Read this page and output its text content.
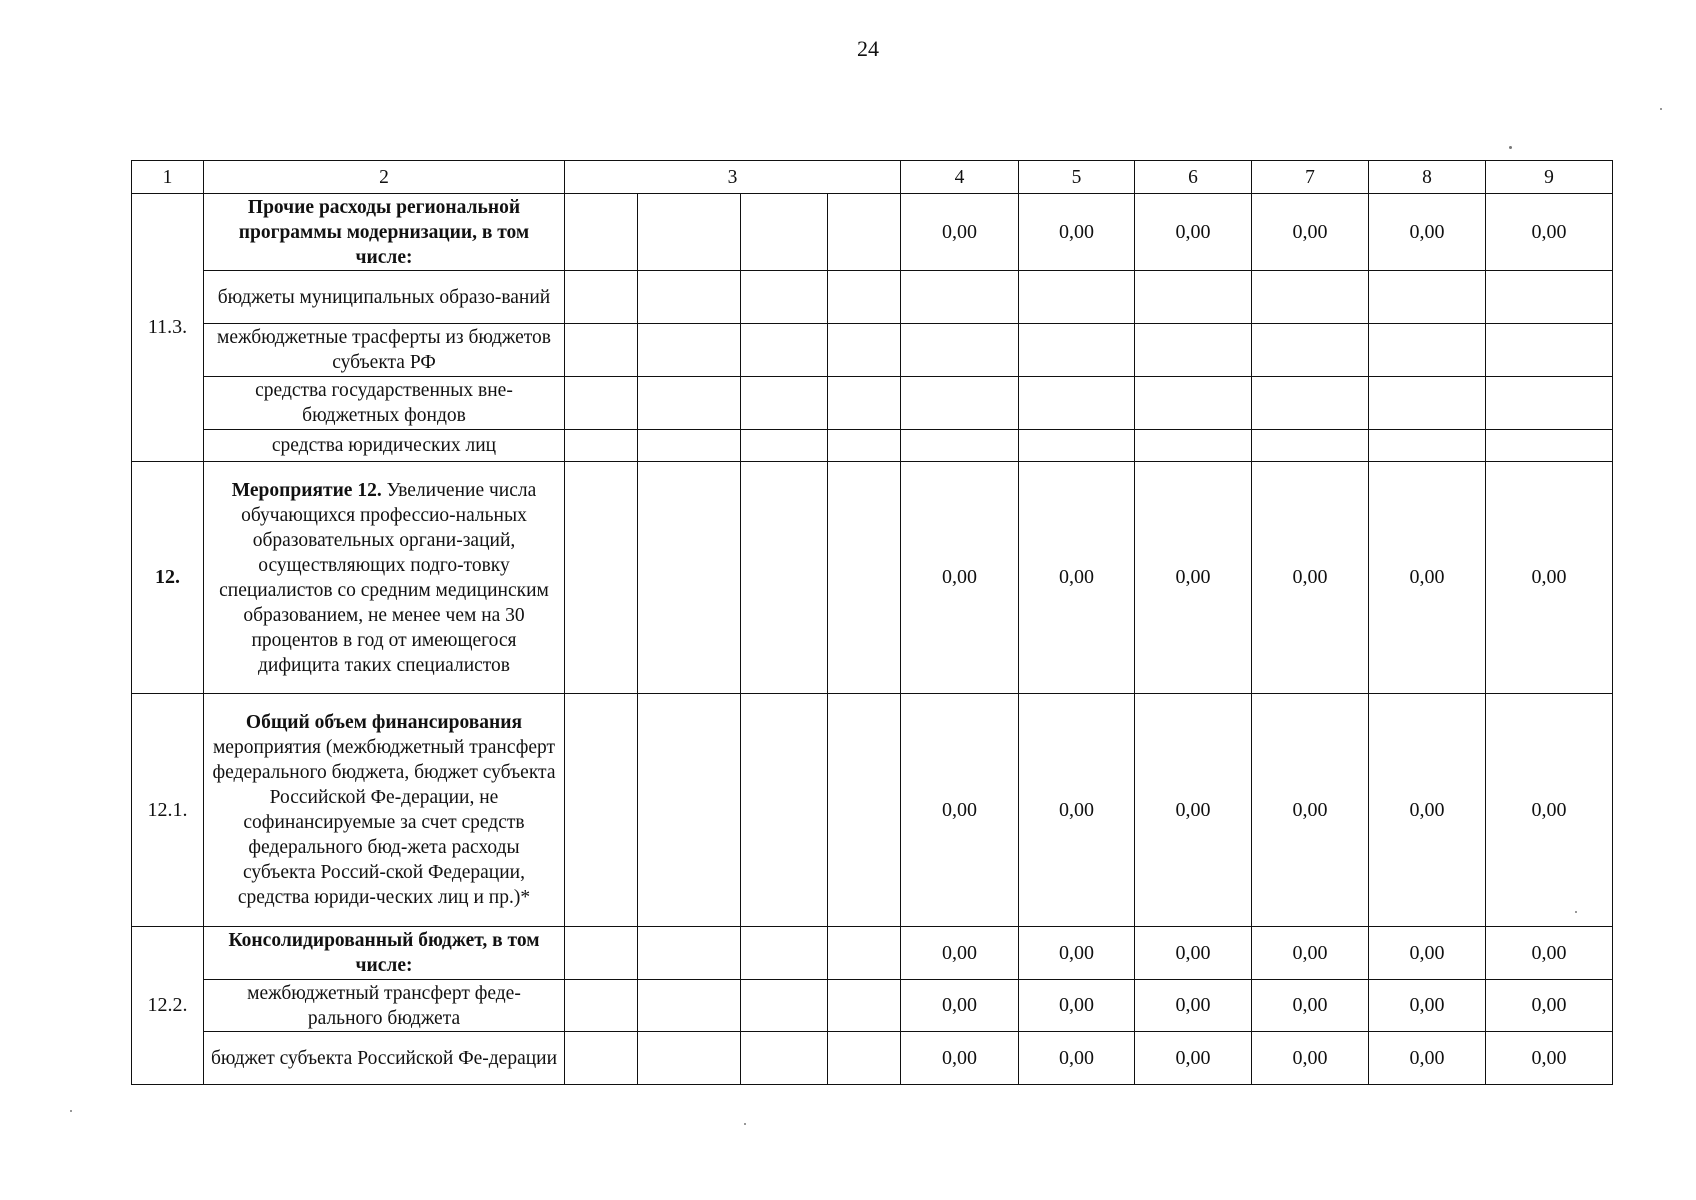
24
1	2	3				4	5	6	7	8	9
11.3.	Прочие расходы региональной программы модернизации, в том числе:					0,00	0,00	0,00	0,00	0,00	0,00
	бюджеты муниципальных образо-ваний										
	межбюджетные трасферты из бюджетов субъекта РФ										
	средства государственных вне-бюджетных фондов										
	средства юридических лиц										
12.	Мероприятие 12. Увеличение числа обучающихся профессио-нальных образовательных органи-заций, осуществляющих подго-товку специалистов со средним медицинским образованием, не менее чем на 30 процентов в год от имеющегося дифицита таких специалистов					0,00	0,00	0,00	0,00	0,00	0,00
12.1.	Общий объем финансирования мероприятия (межбюджетный трансферт федерального бюджета, бюджет субъекта Российской Фе-дерации, не софинансируемые за счет средств федерального бюд-жета расходы субъекта Россий-ской Федерации, средства юриди-ческих лиц и пр.)*					0,00	0,00	0,00	0,00	0,00	0,00
12.2.	Консолидированный бюджет, в том числе:					0,00	0,00	0,00	0,00	0,00	0,00
	межбюджетный трансферт феде-рального бюджета					0,00	0,00	0,00	0,00	0,00	0,00
	бюджет субъекта Российской Фе-дерации					0,00	0,00	0,00	0,00	0,00	0,00
